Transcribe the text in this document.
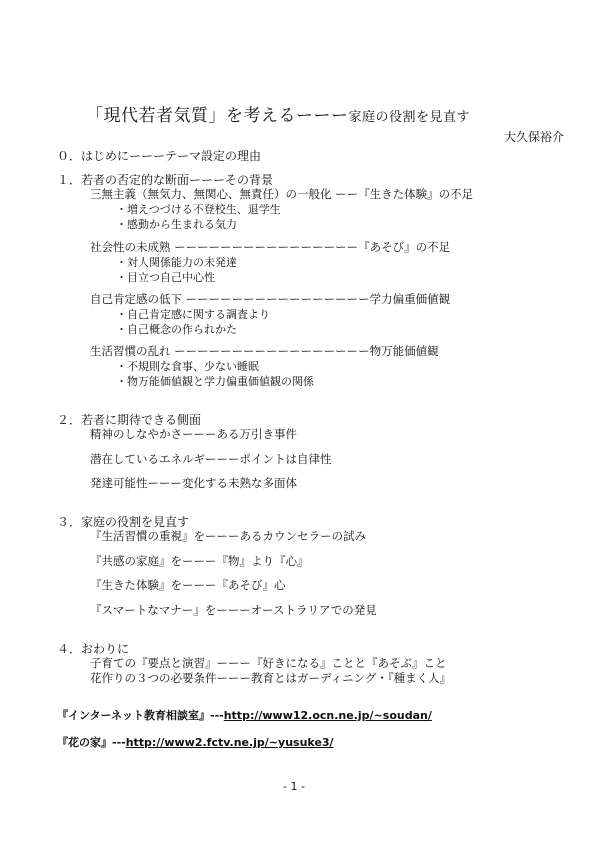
「現代若者気質」を考えるーーー家庭の役割を見直す
大久保裕介
０．はじめにーーーテーマ設定の理由
１．若者の否定的な断面ーーーその背景
三無主義（無気力、無関心、無責任）の一般化 ーー『生きた体験』の不足
・増えつづける不登校生、退学生
・感動から生まれる気力
社会性の未成熟 ーーーーーーーーーーーーーーーー『あそび』の不足
・対人関係能力の未発達
・目立つ自己中心性
自己肯定感の低下 ーーーーーーーーーーーーーーーー学力偏重価値観
・自己肯定感に関する調査より
・自己概念の作られかた
生活習慣の乱れ ーーーーーーーーーーーーーーーーー物万能価値観
・不規則な食事、少ない睡眠
・物万能価値観と学力偏重価値観の関係
２．若者に期待できる側面
精神のしなやかさーーーある万引き事件
潜在しているエネルギーーーポイントは自律性
発達可能性ーーー変化する未熟な多面体
３．家庭の役割を見直す
『生活習慣の重視』をーーーあるカウンセラーの試み
『共感の家庭』をーーー『物』より『心』
『生きた体験』をーーー『あそび』心
『スマートなマナー』をーーーオーストラリアでの発見
４．おわりに
子育ての『要点と演習』ーーー『好きになる』ことと『あそぶ』こと
花作りの３つの必要条件ーーー教育とはガーディニング・『種まく人』
『インターネット教育相談室』---http://www12.ocn.ne.jp/~soudan/
『花の家』---http://www2.fctv.ne.jp/~yusuke3/
- 1 -
